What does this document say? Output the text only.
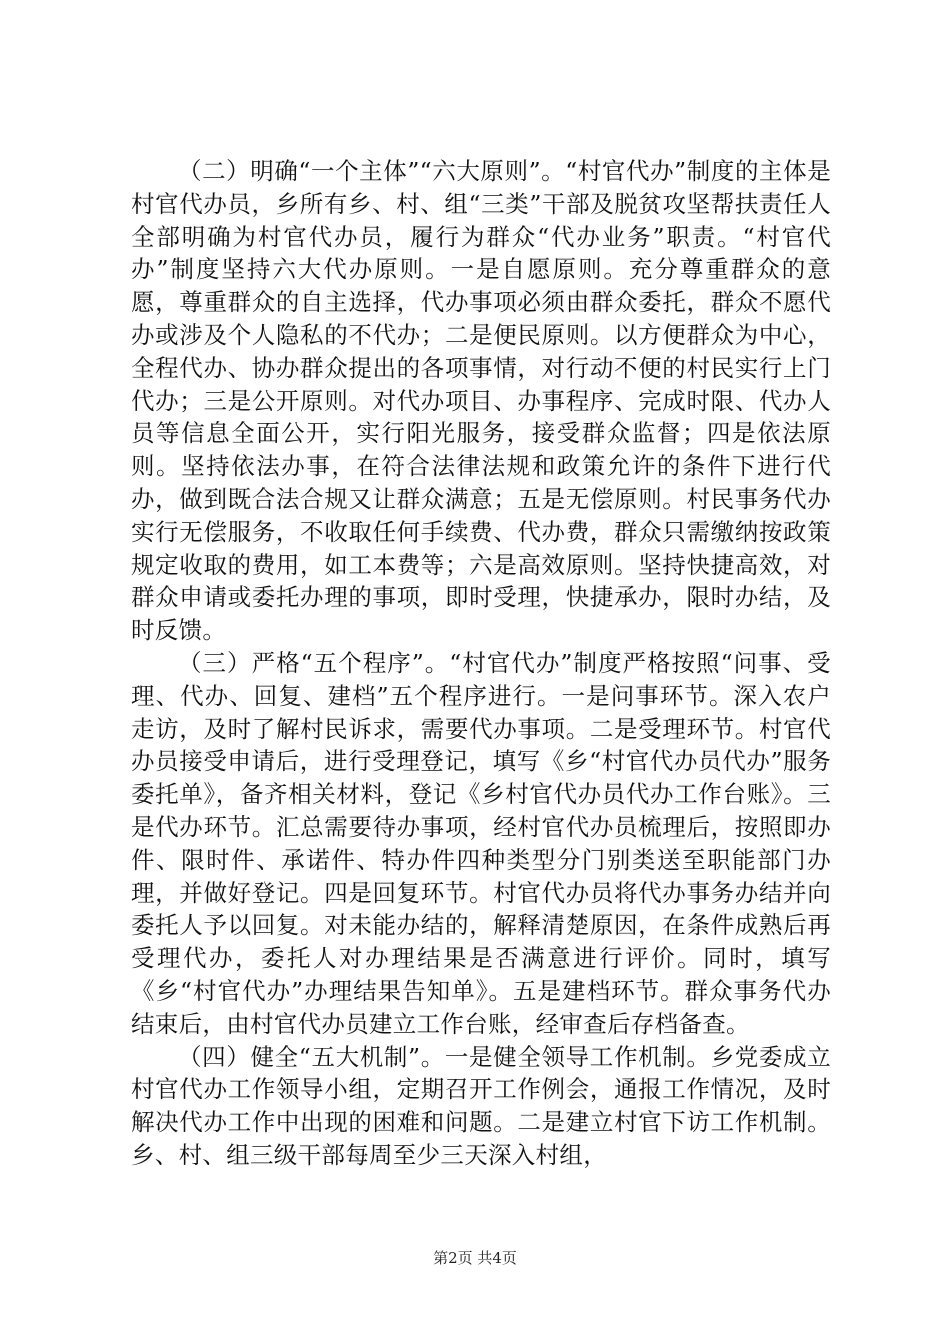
（二）明确“一个主体”“六大原则”。“村官代办”制度的主体是村官代办员，乡所有乡、村、组“三类”干部及脱贫攻坚帮扶责任人全部明确为村官代办员，履行为群众“代办业务”职责。“村官代办”制度坚持六大代办原则。一是自愿原则。充分尊重群众的意愿，尊重群众的自主选择，代办事项必须由群众委托，群众不愿代办或涉及个人隐私的不代办；二是便民原则。以方便群众为中心，全程代办、协办群众提出的各项事情，对行动不便的村民实行上门代办；三是公开原则。对代办项目、办事程序、完成时限、代办人员等信息全面公开，实行阳光服务，接受群众监督；四是依法原则。坚持依法办事，在符合法律法规和政策允许的条件下进行代办，做到既合法合规又让群众满意；五是无偿原则。村民事务代办实行无偿服务，不收取任何手续费、代办费，群众只需缴纳按政策规定收取的费用，如工本费等；六是高效原则。坚持快捷高效，对群众申请或委托办理的事项，即时受理，快捷承办，限时办结，及时反馈。

（三）严格“五个程序”。“村官代办”制度严格按照“问事、受理、代办、回复、建档”五个程序进行。一是问事环节。深入农户走访，及时了解村民诉求，需要代办事项。二是受理环节。村官代办员接受申请后，进行受理登记，填写《乡“村官代办员代办”服务委托单》，备齐相关材料，登记《乡村官代办员代办工作台账》。三是代办环节。汇总需要待办事项，经村官代办员梳理后，按照即办件、限时件、承诺件、特办件四种类型分门别类送至职能部门办理，并做好登记。四是回复环节。村官代办员将代办事务办结并向委托人予以回复。对未能办结的，解释清楚原因，在条件成熟后再受理代办，委托人对办理结果是否满意进行评价。同时，填写《乡“村官代办”办理结果告知单》。五是建档环节。群众事务代办结束后，由村官代办员建立工作台账，经审查后存档备查。

（四）健全“五大机制”。一是健全领导工作机制。乡党委成立村官代办工作领导小组，定期召开工作例会，通报工作情况，及时解决代办工作中出现的困难和问题。二是建立村官下访工作机制。乡、村、组三级干部每周至少三天深入村组，

第2页 共4页
